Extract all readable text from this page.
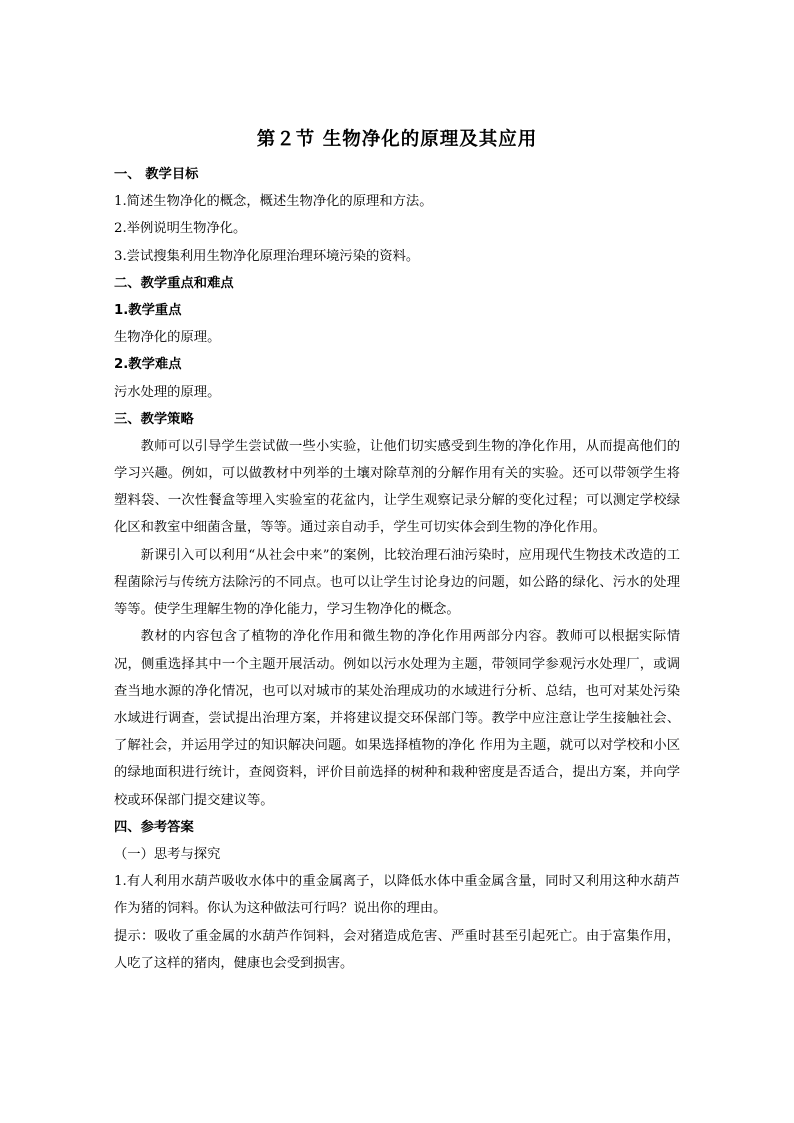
第２节 生物净化的原理及其应用
一、 教学目标
1.简述生物净化的概念，概述生物净化的原理和方法。
2.举例说明生物净化。
3.尝试搜集利用生物净化原理治理环境污染的资料。
二、教学重点和难点
1.教学重点
生物净化的原理。
2.教学难点
污水处理的原理。
三、教学策略

教师可以引导学生尝试做一些小实验，让他们切实感受到生物的净化作用，从而提高他们的学习兴趣。例如，可以做教材中列举的土壤对除草剂的分解作用有关的实验。还可以带领学生将塑料袋、一次性餐盒等埋入实验室的花盆内，让学生观察记录分解的变化过程；可以测定学校绿化区和教室中细菌含量，等等。通过亲自动手，学生可切实体会到生物的净化作用。

新课引入可以利用“从社会中来”的案例，比较治理石油污染时，应用现代生物技术改造的工程菌除污与传统方法除污的不同点。也可以让学生讨论身边的问题，如公路的绿化、污水的处理等等。使学生理解生物的净化能力，学习生物净化的概念。

教材的内容包含了植物的净化作用和微生物的净化作用两部分内容。教师可以根据实际情况，侧重选择其中一个主题开展活动。例如以污水处理为主题，带领同学参观污水处理厂，或调查当地水源的净化情况，也可以对城市的某处治理成功的水域进行分析、总结，也可对某处污染水域进行调查，尝试提出治理方案，并将建议提交环保部门等。教学中应注意让学生接触社会、了解社会，并运用学过的知识解决问题。如果选择植物的净化 作用为主题，就可以对学校和小区的绿地面积进行统计，查阅资料，评价目前选择的树种和栽种密度是否适合，提出方案，并向学校或环保部门提交建议等。

四、参考答案
（一）思考与探究

1.有人利用水葫芦吸收水体中的重金属离子，以降低水体中重金属含量，同时又利用这种水葫芦作为猪的饲料。你认为这种做法可行吗？说出你的理由。

提示：吸收了重金属的水葫芦作饲料，会对猪造成危害、严重时甚至引起死亡。由于富集作用，人吃了这样的猪肉，健康也会受到损害。
